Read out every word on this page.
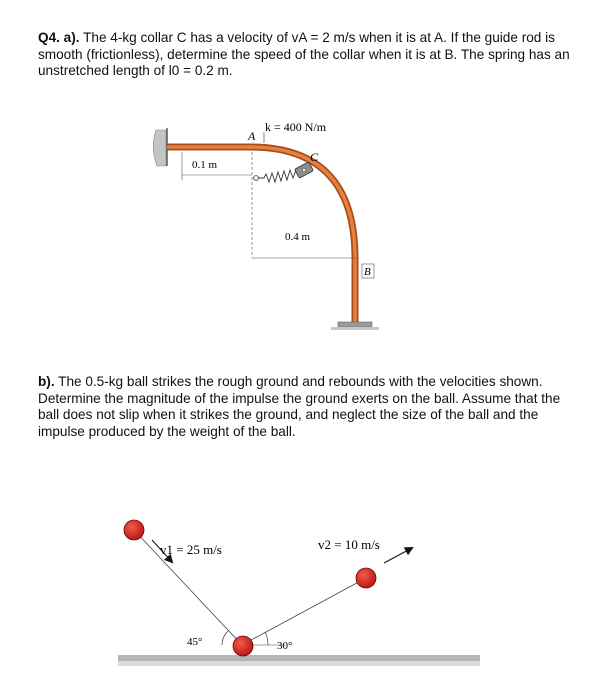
Q4. a). The 4-kg collar C has a velocity of vA = 2 m/s when it is at A. If the guide rod is smooth (frictionless), determine the speed of the collar when it is at B. The spring has an unstretched length of l0 = 0.2 m.

b). The 0.5-kg ball strikes the rough ground and rebounds with the velocities shown. Determine the magnitude of the impulse the ground exerts on the ball. Assume that the ball does not slip when it strikes the ground, and neglect the size of the ball and the impulse produced by the weight of the ball.

0.1 m
0.4 m
A
k = 400 N/m
C
B
v1 = 25 m/s	v2 = 10 m/s
45°	30°
